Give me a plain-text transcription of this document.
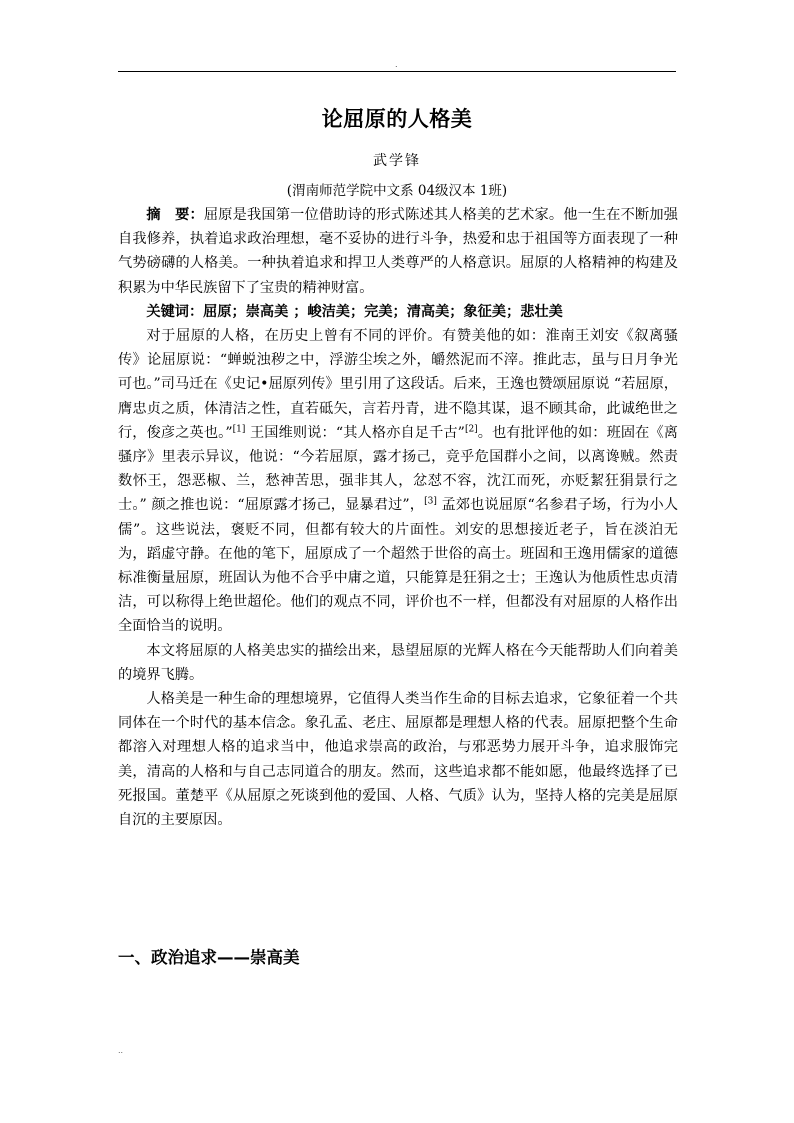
.
论屈原的人格美
武学锋
(渭南师范学院中文系 04级汉本 1班)

摘　要：屈原是我国第一位借助诗的形式陈述其人格美的艺术家。他一生在不断加强自我修养，执着追求政治理想，毫不妥协的进行斗争，热爱和忠于祖国等方面表现了一种气势磅礴的人格美。一种执着追求和捍卫人类尊严的人格意识。屈原的人格精神的构建及积累为中华民族留下了宝贵的精神财富。

关键词：屈原；崇高美 ；峻洁美；完美；清高美；象征美；悲壮美

对于屈原的人格，在历史上曾有不同的评价。有赞美他的如：淮南王刘安《叙离骚传》论屈原说：“蝉蜕浊秽之中，浮游尘埃之外，皭然泥而不滓。推此志，虽与日月争光可也。”司马迁在《史记•屈原列传》里引用了这段话。后来，王逸也赞颂屈原说 “若屈原，膺忠贞之质，体清洁之性，直若砥矢，言若丹青，进不隐其谋，退不顾其命，此诚绝世之行，俊彦之英也。”[1] 王国维则说：“其人格亦自足千古”[2]。也有批评他的如：班固在《离骚序》里表示异议，他说：“今若屈原，露才扬己，竞乎危国群小之间，以离谗贼。然责数怀王，怨恶椒、兰，愁神苦思，强非其人，忿怼不容，沈江而死，亦贬絜狂狷景行之士。” 颜之推也说：“屈原露才扬己，显暴君过”，[3] 孟郊也说屈原“名参君子场，行为小人儒”。这些说法，褒贬不同，但都有较大的片面性。刘安的思想接近老子，旨在淡泊无为，蹈虚守静。在他的笔下，屈原成了一个超然于世俗的高士。班固和王逸用儒家的道德标准衡量屈原，班固认为他不合乎中庸之道，只能算是狂狷之士；王逸认为他质性忠贞清洁，可以称得上绝世超伦。他们的观点不同，评价也不一样，但都没有对屈原的人格作出全面恰当的说明。

本文将屈原的人格美忠实的描绘出来，恳望屈原的光辉人格在今天能帮助人们向着美的境界飞腾。

人格美是一种生命的理想境界，它值得人类当作生命的目标去追求，它象征着一个共同体在一个时代的基本信念。象孔孟、老庄、屈原都是理想人格的代表。屈原把整个生命都溶入对理想人格的追求当中，他追求崇高的政治，与邪恶势力展开斗争，追求服饰完美，清高的人格和与自己志同道合的朋友。然而，这些追求都不能如愿，他最终选择了已死报国。董楚平《从屈原之死谈到他的爱国、人格、气质》认为，坚持人格的完美是屈原自沉的主要原因。

一、政治追求——崇高美
..
